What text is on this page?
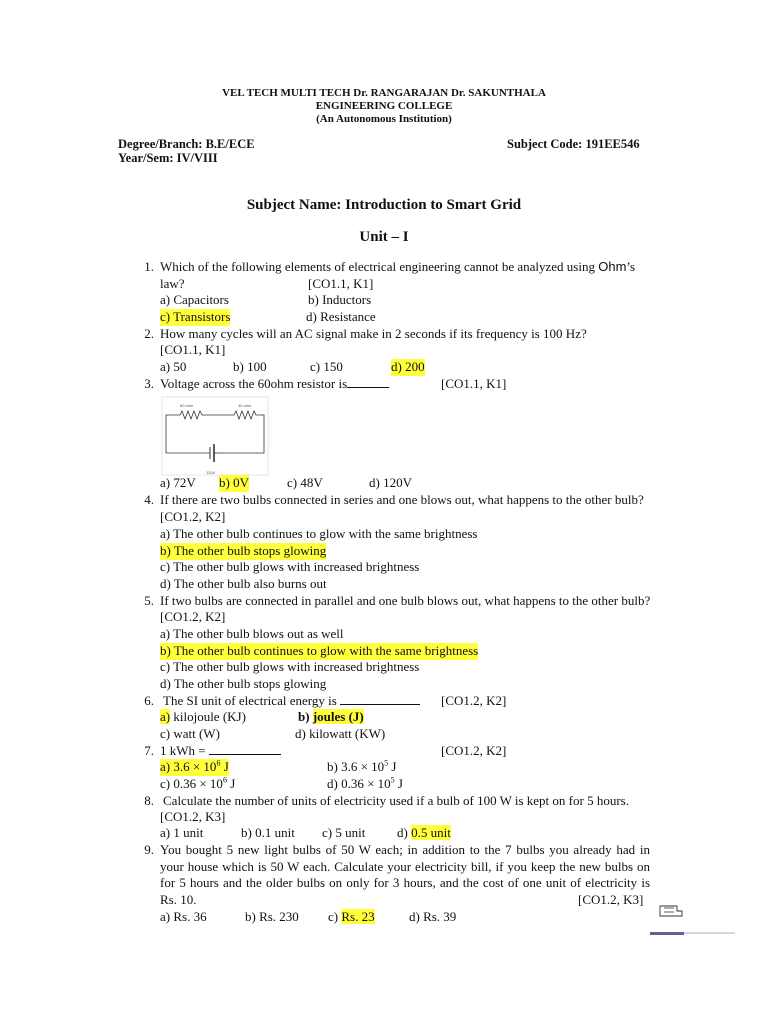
VEL TECH MULTI TECH Dr. RANGARAJAN Dr. SAKUNTHALA
ENGINEERING COLLEGE
(An Autonomous Institution)
Degree/Branch: B.E/ECE	Subject Code: 191EE546
Year/Sem: IV/VIII
Subject Name: Introduction to Smart Grid
Unit – I
1. Which of the following elements of electrical engineering cannot be analyzed using Ohm’s
law?	[CO1.1, K1]
a) Capacitors	b) Inductors
c) Transistors	d) Resistance
2. How many cycles will an AC signal make in 2 seconds if its frequency is 100 Hz?
[CO1.1, K1]
a) 50	b) 100	c) 150	d) 200
3. Voltage across the 60ohm resistor is	[CO1.1, K1]
60 ohm	40 ohm
120V
a) 72V b) 0V	c) 48V	d) 120V
4. If there are two bulbs connected in series and one blows out, what happens to the other bulb?
[CO1.2, K2]
a) The other bulb continues to glow with the same brightness
b) The other bulb stops glowing
c) The other bulb glows with increased brightness
d) The other bulb also burns out
5. If two bulbs are connected in parallel and one bulb blows out, what happens to the other bulb?
[CO1.2, K2]
a) The other bulb blows out as well
b) The other bulb continues to glow with the same brightness
c) The other bulb glows with increased brightness
d) The other bulb stops glowing
6. The SI unit of electrical energy is	[CO1.2, K2]
a) kilojoule (KJ)	b) joules (J)
c) watt (W)	d) kilowatt (KW)
7. 1 kWh =	[CO1.2, K2]
a) $3.6 \times 10^6$ J	b) $3.6 \times 10^5$ J
c) $0.36 \times 10^6$ J	d) $0.36 \times 10^5$ J
8. Calculate the number of units of electricity used if a bulb of 100 W is kept on for 5 hours.
[CO1.2, K3]
a) 1 unit	b) 0.1 unit c) 5 unit d) 0.5 unit
9. You bought 5 new light bulbs of 50 W each; in addition to the 7 bulbs you already had in
your house which is 50 W each. Calculate your electricity bill, if you keep the new bulbs on
for 5 hours and the older bulbs on only for 3 hours, and the cost of one unit of electricity is
Rs. 10.	[CO1.2, K3]
a) Rs. 36	b) Rs. 230 c) Rs. 23	d) Rs. 39
